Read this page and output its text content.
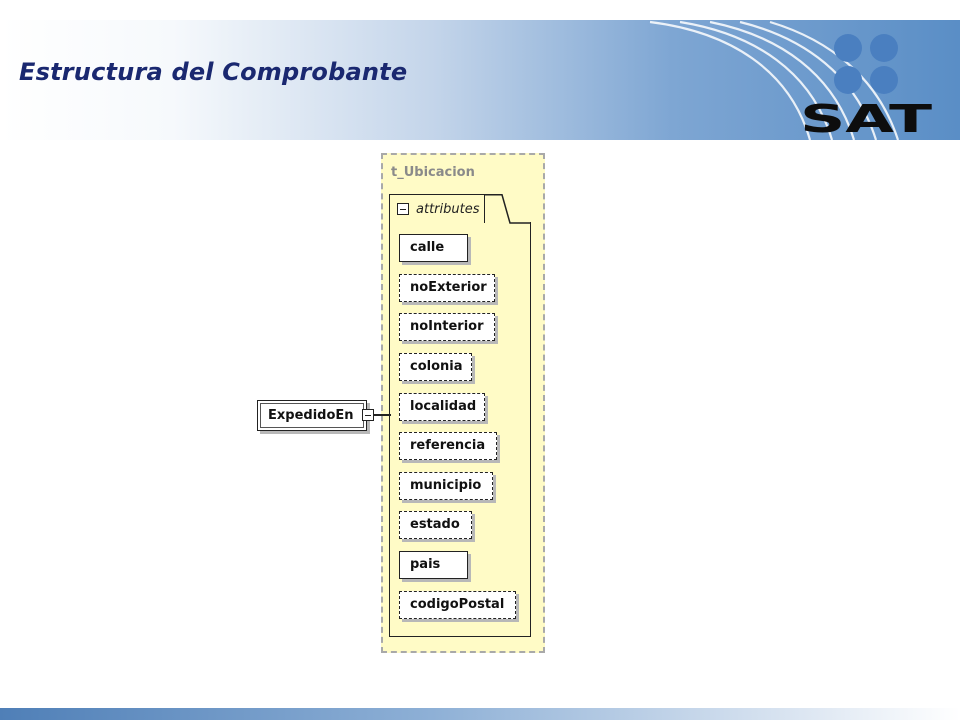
Estructura del Comprobante
SAT
t_Ubicacion
attributes
calle
noExterior
noInterior
colonia
localidad
referencia
municipio
estado
pais
codigoPostal
ExpedidoEn
